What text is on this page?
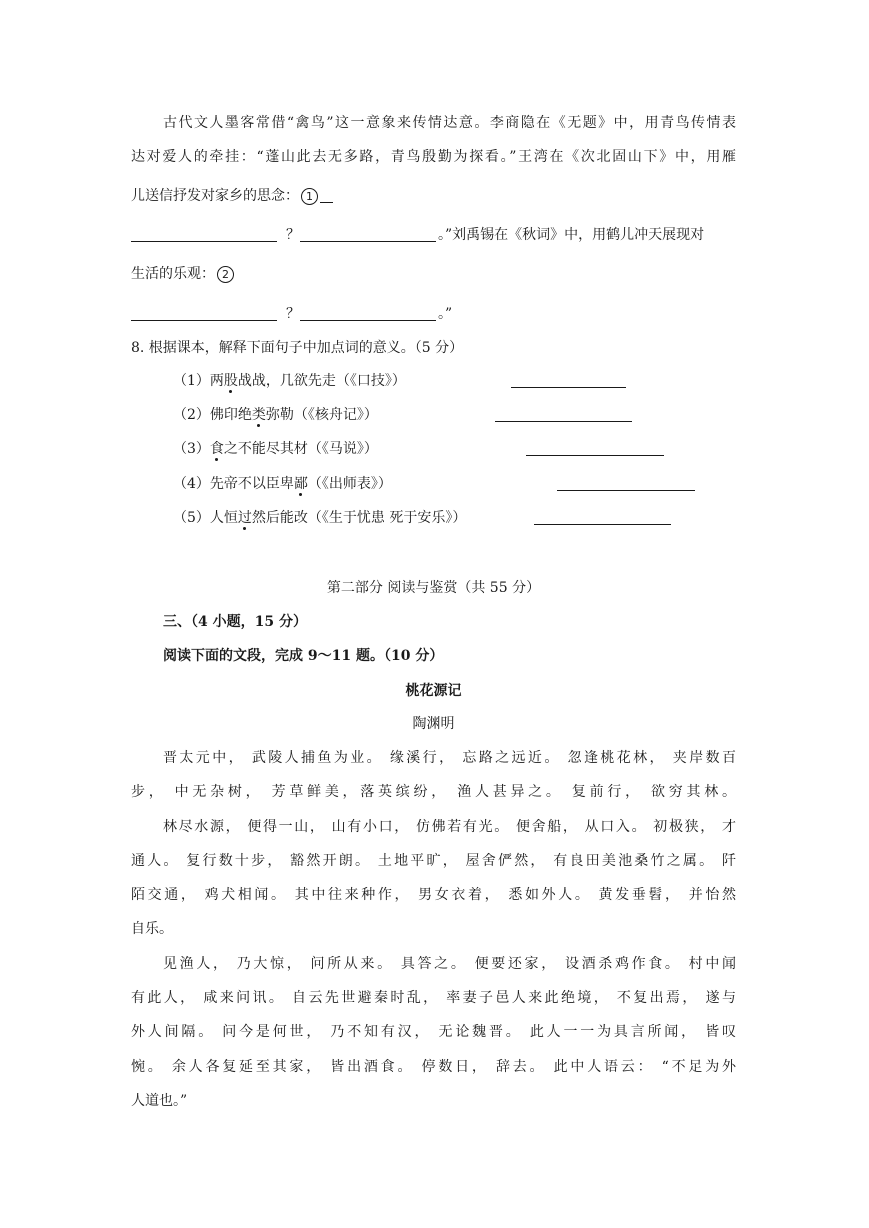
古代文人墨客常借“禽鸟”这一意象来传情达意。李商隐在《无题》中，用青鸟传情表
达对爱人的牵挂：“蓬山此去无多路，青鸟殷勤为探看。”王湾在《次北固山下》中，用雁
儿送信抒发对家乡的思念： 1
？	。”刘禹锡在《秋词》中，用鹤儿冲天展现对
生活的乐观： 2
？	。”
8. 根据课本，解释下面句子中加点词的意义。（5 分）
（1）两股战战，几欲先走（《口技》）
（2）佛印绝类弥勒（《核舟记》）
（3）食之不能尽其材（《马说》）
（4）先帝不以臣卑鄙（《出师表》）
（5）人恒过然后能改（《生于忧患 死于安乐》）
第二部分 阅读与鉴赏（共 55 分）
三、（4 小题，15 分）
阅读下面的文段，完成 9～11 题。（10 分）
桃花源记
陶渊明
晋太元中， 武陵人捕鱼为业。 缘溪行， 忘路之远近。 忽逢桃花林， 夹岸数百
步， 中无杂树， 芳草鲜美，落英缤纷， 渔人甚异之。 复前行， 欲穷其林。
林尽水源， 便得一山， 山有小口， 仿佛若有光。 便舍船， 从口入。 初极狭， 才
通人。 复行数十步， 豁然开朗。 土地平旷， 屋舍俨然， 有良田美池桑竹之属。 阡
陌交通， 鸡犬相闻。 其中往来种作， 男女衣着， 悉如外人。 黄发垂髫， 并怡然
自乐。
见渔人， 乃大惊， 问所从来。 具答之。 便要还家， 设酒杀鸡作食。 村中闻
有此人， 咸来问讯。 自云先世避秦时乱， 率妻子邑人来此绝境， 不复出焉， 遂与
外人间隔。 问今是何世， 乃不知有汉， 无论魏晋。 此人一一为具言所闻， 皆叹
惋。 余人各复延至其家， 皆出酒食。 停数日， 辞去。 此中人语云： “不足为外
人道也。”
